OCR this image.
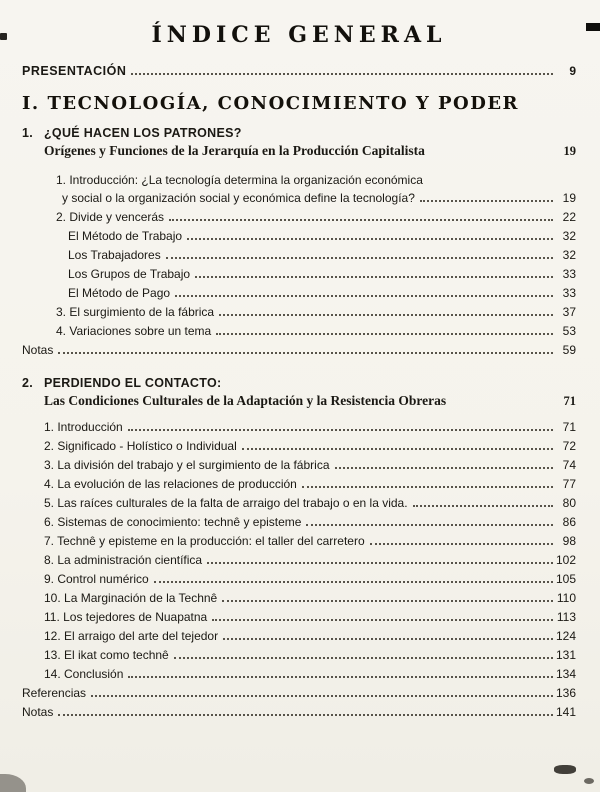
ÍNDICE GENERAL
PRESENTACIÓN	9
I. TECNOLOGÍA, CONOCIMIENTO Y PODER
1. ¿QUÉ HACEN LOS PATRONES?
Orígenes y Funciones de la Jerarquía en la Producción Capitalista	19
1. Introducción: ¿La tecnología determina la organización económica
y social o la organización social y económica define la tecnología?	19
2. Divide y vencerás	22
El Método de Trabajo	32
Los Trabajadores	32
Los Grupos de Trabajo	33
El Método de Pago	33
3. El surgimiento de la fábrica	37
4. Variaciones sobre un tema	53
Notas	59
2. PERDIENDO EL CONTACTO:
Las Condiciones Culturales de la Adaptación y la Resistencia Obreras	71
1. Introducción	71
2. Significado - Holístico o Individual	72
3. La división del trabajo y el surgimiento de la fábrica	74
4. La evolución de las relaciones de producción	77
5. Las raíces culturales de la falta de arraigo del trabajo o en la vida.	80
6. Sistemas de conocimiento: technê y episteme	86
7. Technê y episteme en la producción: el taller del carretero	98
8. La administración científica	102
9. Control numérico	105
10. La Marginación de la Technê	110
11. Los tejedores de Nuapatna	113
12. El arraigo del arte del tejedor	124
13. El ikat como technê	131
14. Conclusión	134
Referencias	136
Notas	141
